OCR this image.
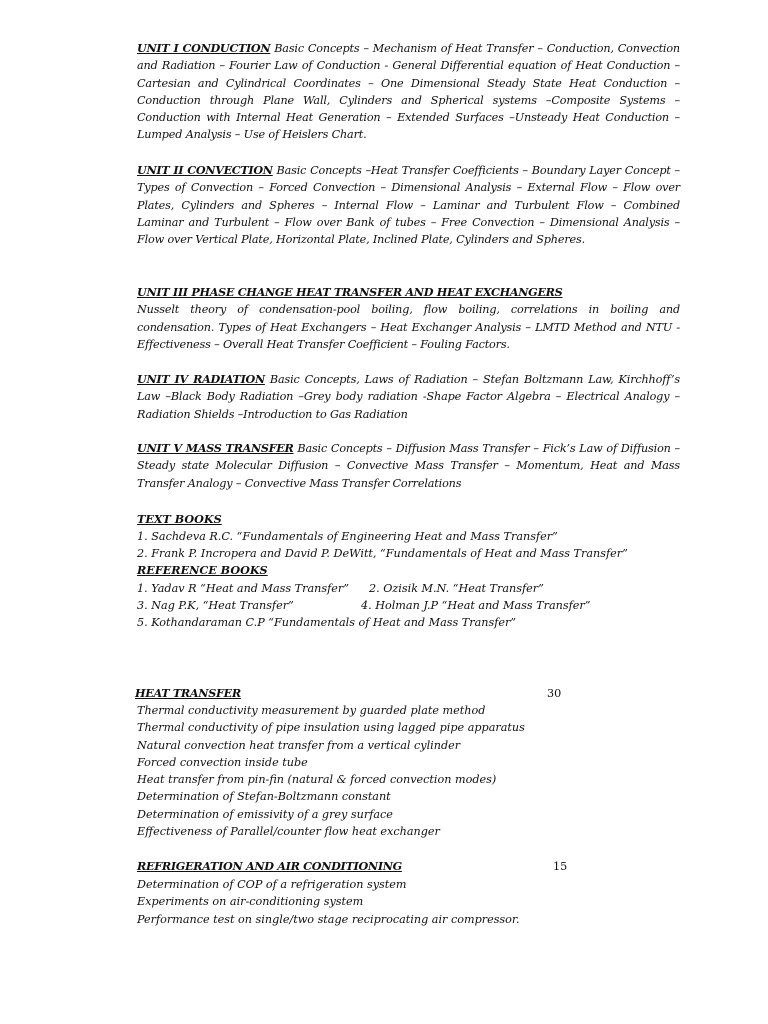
UNIT I CONDUCTION Basic Concepts – Mechanism of Heat Transfer – Conduction, Convection and Radiation – Fourier Law of Conduction - General Differential equation of Heat Conduction –Cartesian and Cylindrical Coordinates – One Dimensional Steady State Heat Conduction – Conduction through Plane Wall, Cylinders and Spherical systems –Composite Systems – Conduction with Internal Heat Generation – Extended Surfaces –Unsteady Heat Conduction – Lumped Analysis – Use of Heislers Chart.
UNIT II CONVECTION Basic Concepts –Heat Transfer Coefficients – Boundary Layer Concept – Types of Convection – Forced Convection – Dimensional Analysis – External Flow – Flow over Plates, Cylinders and Spheres – Internal Flow – Laminar and Turbulent Flow – Combined Laminar and Turbulent – Flow over Bank of tubes – Free Convection – Dimensional Analysis – Flow over Vertical Plate, Horizontal Plate, Inclined Plate, Cylinders and Spheres.
UNIT III PHASE CHANGE HEAT TRANSFER AND HEAT EXCHANGERS
Nusselt theory of condensation-pool boiling, flow boiling, correlations in boiling and condensation. Types of Heat Exchangers – Heat Exchanger Analysis – LMTD Method and NTU - Effectiveness – Overall Heat Transfer Coefficient – Fouling Factors.
UNIT IV RADIATION Basic Concepts, Laws of Radiation – Stefan Boltzmann Law, Kirchhoff’s Law –Black Body Radiation –Grey body radiation -Shape Factor Algebra – Electrical Analogy – Radiation Shields –Introduction to Gas Radiation
UNIT V MASS TRANSFER Basic Concepts – Diffusion Mass Transfer – Fick’s Law of Diffusion – Steady state Molecular Diffusion – Convective Mass Transfer – Momentum, Heat and Mass Transfer Analogy – Convective Mass Transfer Correlations
TEXT BOOKS
1. Sachdeva R.C. “Fundamentals of Engineering Heat and Mass Transfer”
2. Frank P. Incropera and David P. DeWitt, “Fundamentals of Heat and Mass Transfer”
REFERENCE BOOKS
1. Yadav R “Heat and Mass Transfer” 2. Ozisik M.N. “Heat Transfer”
3. Nag P.K, “Heat Transfer”	4. Holman J.P “Heat and Mass Transfer”
5. Kothandaraman C.P “Fundamentals of Heat and Mass Transfer”
HEAT TRANSFER	30
Thermal conductivity measurement by guarded plate method
Thermal conductivity of pipe insulation using lagged pipe apparatus
Natural convection heat transfer from a vertical cylinder
Forced convection inside tube
Heat transfer from pin-fin (natural & forced convection modes)
Determination of Stefan-Boltzmann constant
Determination of emissivity of a grey surface
Effectiveness of Parallel/counter flow heat exchanger
REFRIGERATION AND AIR CONDITIONING	15
Determination of COP of a refrigeration system
Experiments on air-conditioning system
Performance test on single/two stage reciprocating air compressor.
